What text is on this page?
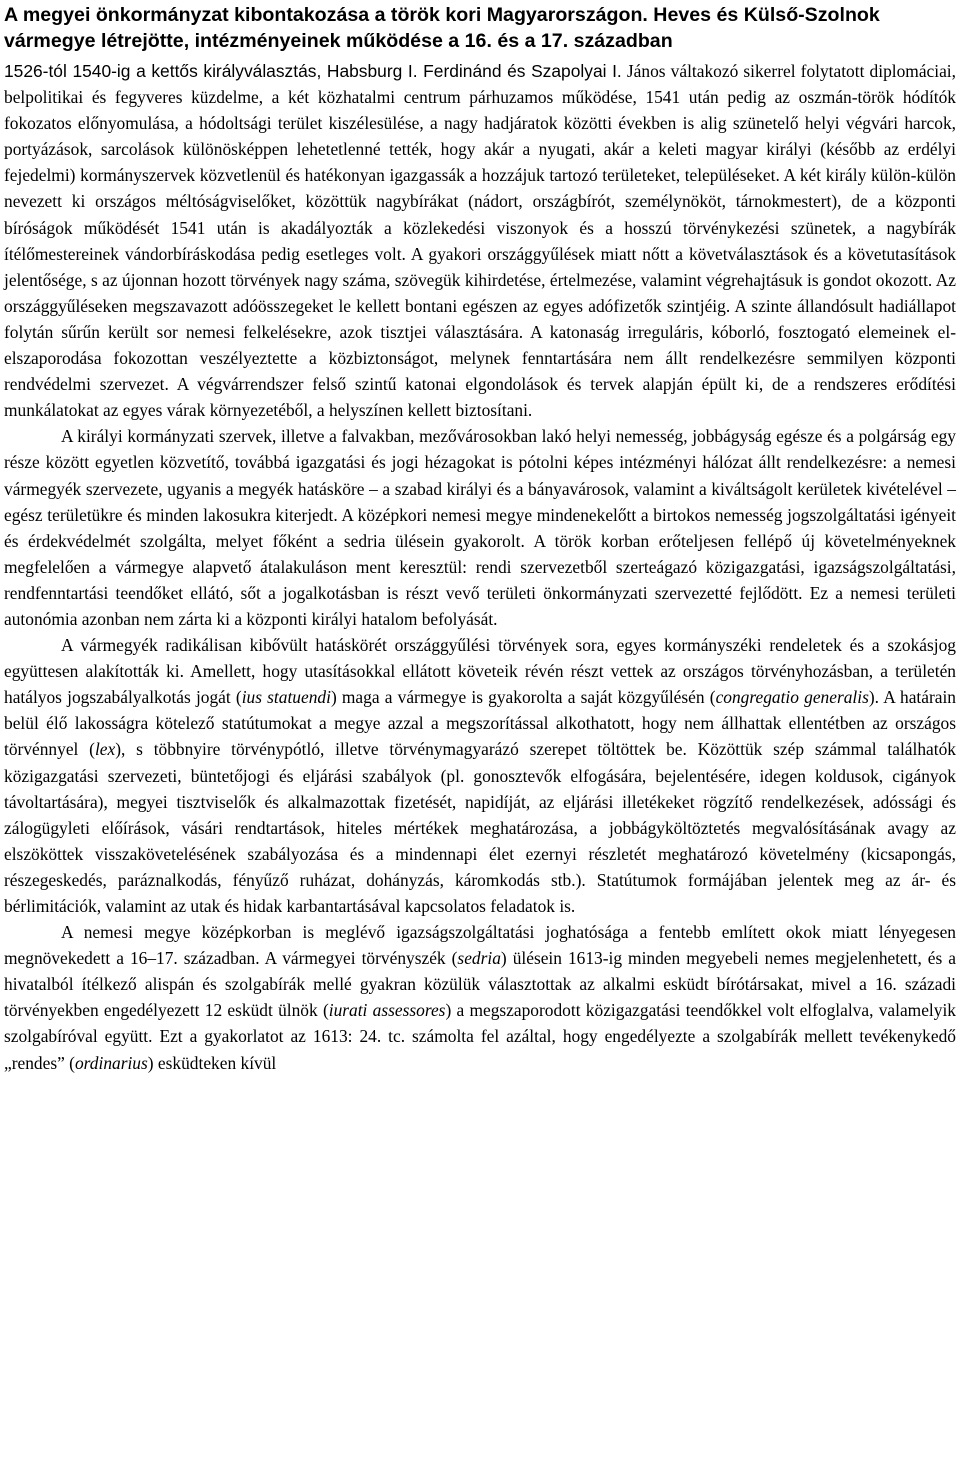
A megyei önkormányzat kibontakozása a török kori Magyarországon. Heves és Külső-Szolnok vármegye létrejötte, intézményeinek működése a 16. és a 17. században

1526-tól 1540-ig a kettős királyválasztás, Habsburg I. Ferdinánd és Szapolyai I. János váltakozó sikerrel folytatott diplomáciai, belpolitikai és fegyveres küzdelme, a két közhatalmi centrum párhuzamos működése, 1541 után pedig az oszmán-török hódítók fokozatos előnyomulása, a hódoltsági terület kiszélesülése, a nagy hadjáratok közötti években is alig szünetelő helyi végvári harcok, portyázások, sarcolások különösképpen lehetetlenné tették, hogy akár a nyugati, akár a keleti magyar királyi (később az erdélyi fejedelmi) kormányszervek közvetlenül és hatékonyan igazgassák a hozzájuk tartozó területeket, településeket. A két király külön-külön nevezett ki országos méltóságviselőket, közöttük nagybírákat (nádort, országbírót, személynököt, tárnokmestert), de a központi bíróságok működését 1541 után is akadályozták a közlekedési viszonyok és a hosszú törvénykezési szünetek, a nagybírák ítélőmestereinek vándorbíráskodása pedig esetleges volt. A gyakori országgyűlések miatt nőtt a követválasztások és a követutasítások jelentősége, s az újonnan hozott törvények nagy száma, szövegük kihirdetése, értelmezése, valamint végrehajtásuk is gondot okozott. Az országgyűléseken megszavazott adóösszegeket le kellett bontani egészen az egyes adófizetők szintjéig. A szinte állandósult hadiállapot folytán sűrűn került sor nemesi felkelésekre, azok tisztjei választására. A katonaság irreguláris, kóborló, fosztogató elemeinek el-elszaporodása fokozottan veszélyeztette a közbiztonságot, melynek fenntartására nem állt rendelkezésre semmilyen központi rendvédelmi szervezet. A végvárrendszer felső szintű katonai elgondolások és tervek alapján épült ki, de a rendszeres erődítési munkálatokat az egyes várak környezetéből, a helyszínen kellett biztosítani.

A királyi kormányzati szervek, illetve a falvakban, mezővárosokban lakó helyi nemesség, jobbágyság egésze és a polgárság egy része között egyetlen közvetítő, továbbá igazgatási és jogi hézagokat is pótolni képes intézményi hálózat állt rendelkezésre: a nemesi vármegyék szervezete, ugyanis a megyék hatásköre – a szabad királyi és a bányavárosok, valamint a kiváltságolt kerületek kivételével – egész területükre és minden lakosukra kiterjedt. A középkori nemesi megye mindenekelőtt a birtokos nemesség jogszolgáltatási igényeit és érdekvédelmét szolgálta, melyet főként a sedria ülésein gyakorolt. A török korban erőteljesen fellépő új követelményeknek megfelelően a vármegye alapvető átalakuláson ment keresztül: rendi szervezetből szerteágazó közigazgatási, igazságszolgáltatási, rendfenntartási teendőket ellátó, sőt a jogalkotásban is részt vevő területi önkormányzati szervezetté fejlődött. Ez a nemesi területi autonómia azonban nem zárta ki a központi királyi hatalom befolyását.

A vármegyék radikálisan kibővült hatáskörét országgyűlési törvények sora, egyes kormányszéki rendeletek és a szokásjog együttesen alakították ki. Amellett, hogy utasításokkal ellátott követeik révén részt vettek az országos törvényhozásban, a területén hatályos jogszabályalkotás jogát (ius statuendi) maga a vármegye is gyakorolta a saját közgyűlésén (congregatio generalis). A határain belül élő lakosságra kötelező statútumokat a megye azzal a megszorítással alkothatott, hogy nem állhattak ellentétben az országos törvénnyel (lex), s többnyire törvénypótló, illetve törvénymagyarázó szerepet töltöttek be. Közöttük szép számmal találhatók közigazgatási szervezeti, büntetőjogi és eljárási szabályok (pl. gonosztevők elfogására, bejelentésére, idegen koldusok, cigányok távoltartására), megyei tisztviselők és alkalmazottak fizetését, napidíját, az eljárási illetékeket rögzítő rendelkezések, adóssági és zálogügyleti előírások, vásári rendtartások, hiteles mértékek meghatározása, a jobbágyköltöztetés megvalósításának avagy az elszököttek visszakövetelésének szabályozása és a mindennapi élet ezernyi részletét meghatározó követelmény (kicsapongás, részegeskedés, paráznalkodás, fényűző ruházat, dohányzás, káromkodás stb.). Statútumok formájában jelentek meg az ár- és bérlimitációk, valamint az utak és hidak karbantartásával kapcsolatos feladatok is.

A nemesi megye középkorban is meglévő igazságszolgáltatási joghatósága a fentebb említett okok miatt lényegesen megnövekedett a 16–17. században. A vármegyei törvényszék (sedria) ülésein 1613-ig minden megyebeli nemes megjelenhetett, és a hivatalból ítélkező alispán és szolgabírák mellé gyakran közülük választottak az alkalmi esküdt bírótársakat, mivel a 16. századi törvényekben engedélyezett 12 esküdt ülnök (iurati assessores) a megszaporodott közigazgatási teendőkkel volt elfoglalva, valamelyik szolgabíróval együtt. Ezt a gyakorlatot az 1613: 24. tc. számolta fel azáltal, hogy engedélyezte a szolgabírák mellett tevékenykedő „rendes” (ordinarius) esküdteken kívül
